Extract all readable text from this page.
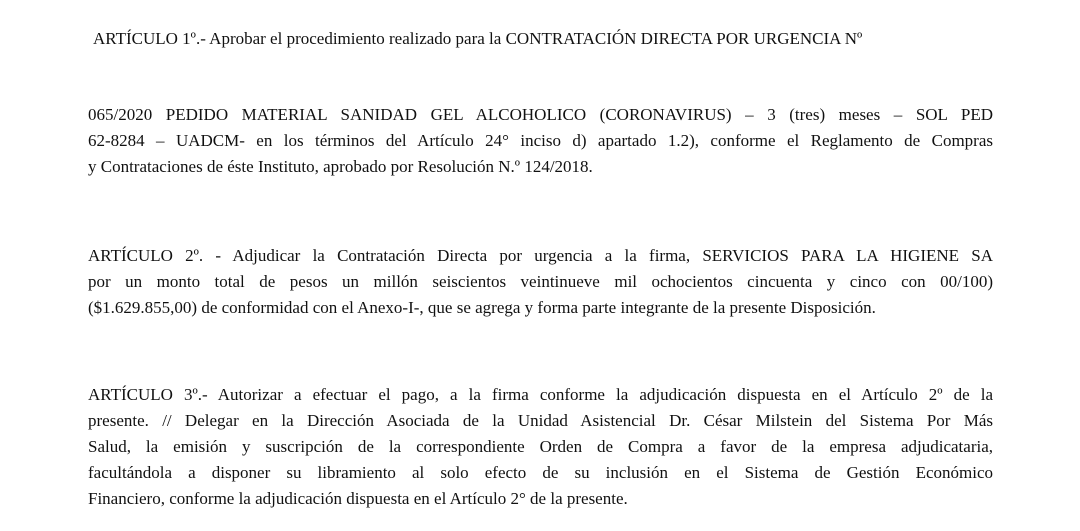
ARTÍCULO 1º.- Aprobar el procedimiento realizado para la CONTRATACIÓN DIRECTA POR URGENCIA Nº
065/2020 PEDIDO MATERIAL SANIDAD GEL ALCOHOLICO (CORONAVIRUS) – 3 (tres) meses – SOL PED
62-8284 – UADCM- en los términos del Artículo 24° inciso d) apartado 1.2), conforme el Reglamento de Compras
y Contrataciones de éste Instituto, aprobado por Resolución N.º 124/2018.
ARTÍCULO 2º. - Adjudicar la Contratación Directa por urgencia a la firma, SERVICIOS PARA LA HIGIENE SA
por un monto total de pesos un millón seiscientos veintinueve mil ochocientos cincuenta y cinco con 00/100)
($1.629.855,00) de conformidad con el Anexo-I-, que se agrega y forma parte integrante de la presente Disposición.
ARTÍCULO 3º.- Autorizar a efectuar el pago, a la firma conforme la adjudicación dispuesta en el Artículo 2º de la
presente. // Delegar en la Dirección Asociada de la Unidad Asistencial Dr. César Milstein del Sistema Por Más
Salud, la emisión y suscripción de la correspondiente Orden de Compra a favor de la empresa adjudicataria,
facultándola a disponer su libramiento al solo efecto de su inclusión en el Sistema de Gestión Económico
Financiero, conforme la adjudicación dispuesta en el Artículo 2° de la presente.
